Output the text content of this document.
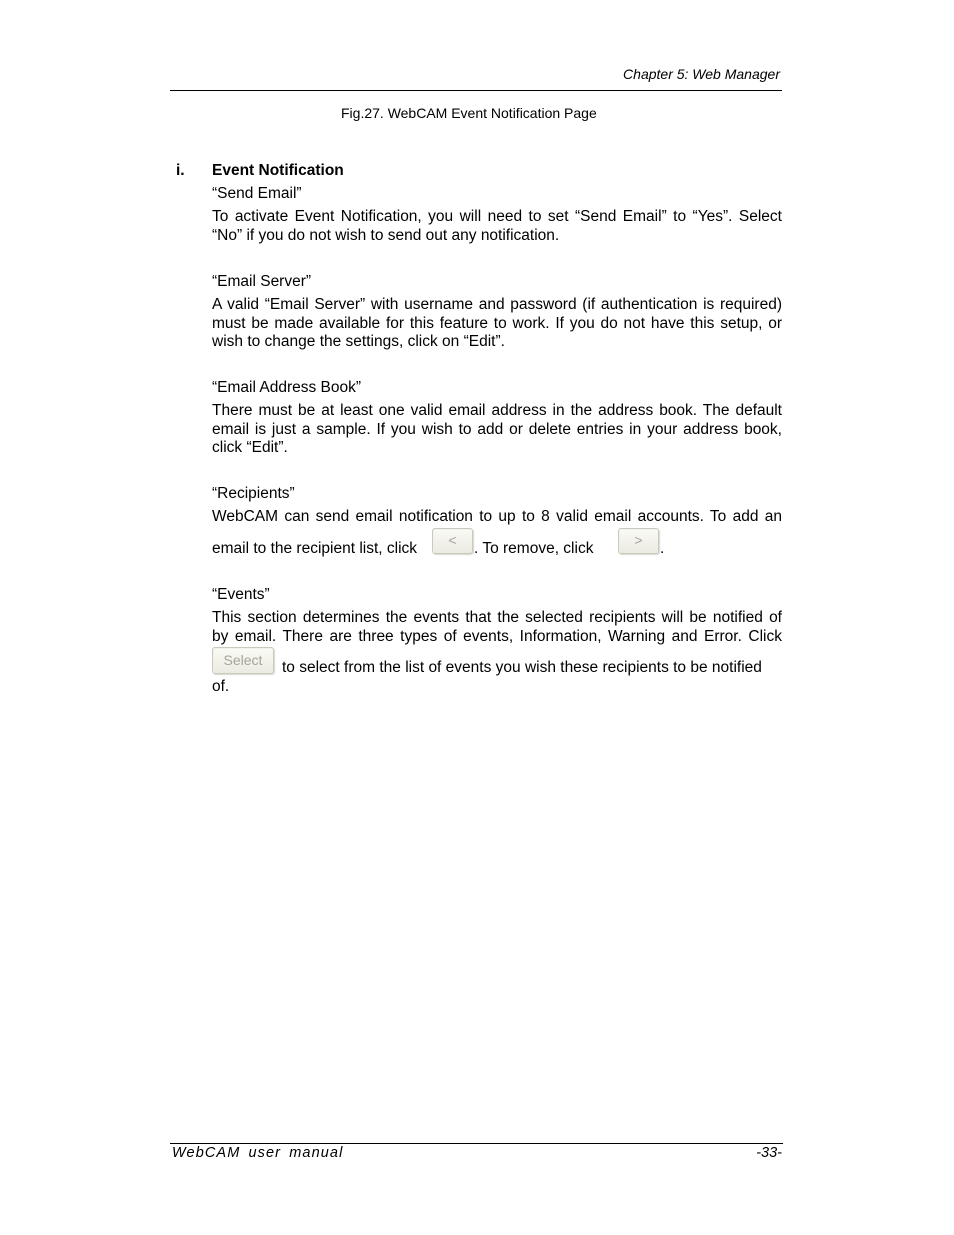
Chapter 5: Web Manager
Fig.27. WebCAM Event Notification Page
i. Event Notification
“Send Email”
To activate Event Notification, you will need to set “Send Email” to “Yes”. Select
“No” if you do not wish to send out any notification.
“Email Server”
A valid “Email Server” with username and password (if authentication is required)
must be made available for this feature to work. If you do not have this setup, or
wish to change the settings, click on “Edit”.
“Email Address Book”
There must be at least one valid email address in the address book. The default
email is just a sample. If you wish to add or delete entries in your address book,
click “Edit”.
“Recipients”
WebCAM can send email notification to up to 8 valid email accounts. To add an
email to the recipient list, click	<	. To remove, click	>	.
“Events”
This section determines the events that the selected recipients will be notified of
by email. There are three types of events, Information, Warning and Error. Click
Select	to select from the list of events you wish these recipients to be notified
of.
WebCAM user manual	-33-
